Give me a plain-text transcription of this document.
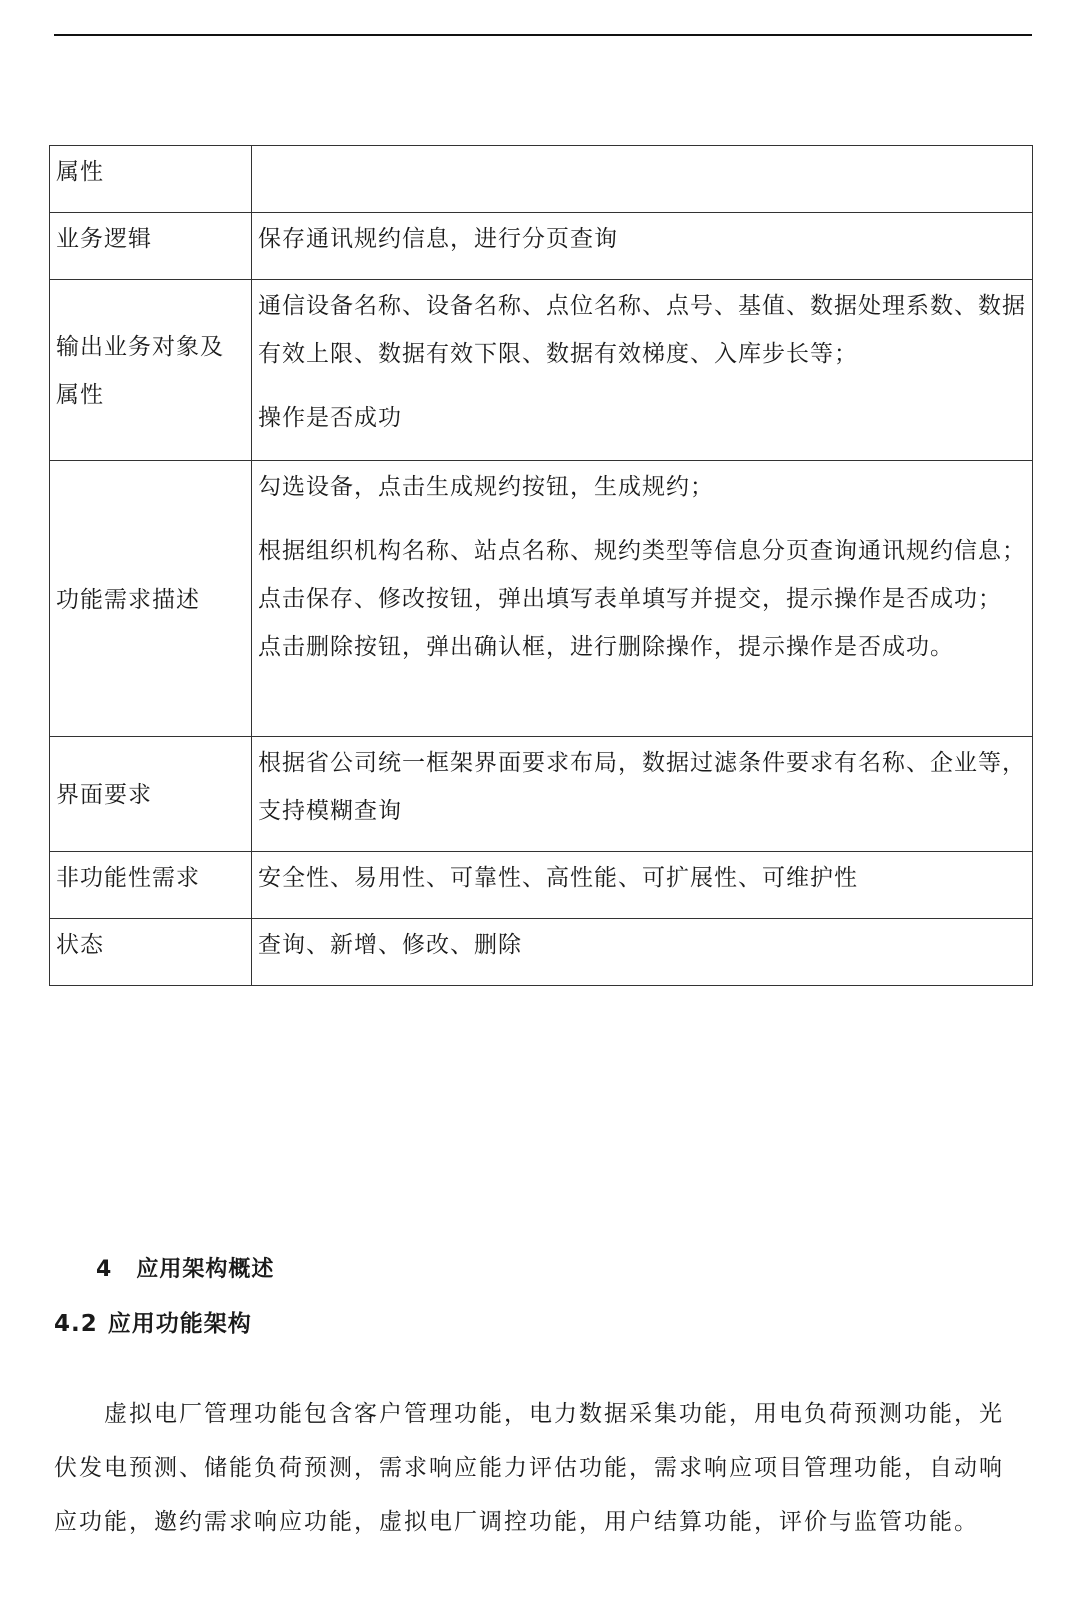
属性	
业务逻辑	保存通讯规约信息，进行分页查询

输出业务对象及属性	通信设备名称、设备名称、点位名称、点号、基值、数据处理系数、数据有效上限、数据有效下限、数据有效梯度、入库步长等；

操作是否成功

功能需求描述	勾选设备，点击生成规约按钮，生成规约；

根据组织机构名称、站点名称、规约类型等信息分页查询通讯规约信息；

点击保存、修改按钮，弹出填写表单填写并提交，提示操作是否成功；

点击删除按钮，弹出确认框，进行删除操作，提示操作是否成功。

界面要求	根据省公司统一框架界面要求布局，数据过滤条件要求有名称、企业等，支持模糊查询

非功能性需求	安全性、易用性、可靠性、高性能、可扩展性、可维护性

状态	查询、新增、修改、删除

4 应用架构概述
4.2 应用功能架构

虚拟电厂管理功能包含客户管理功能，电力数据采集功能，用电负荷预测功能，光伏发电预测、储能负荷预测，需求响应能力评估功能，需求响应项目管理功能，自动响应功能，邀约需求响应功能，虚拟电厂调控功能，用户结算功能，评价与监管功能。
